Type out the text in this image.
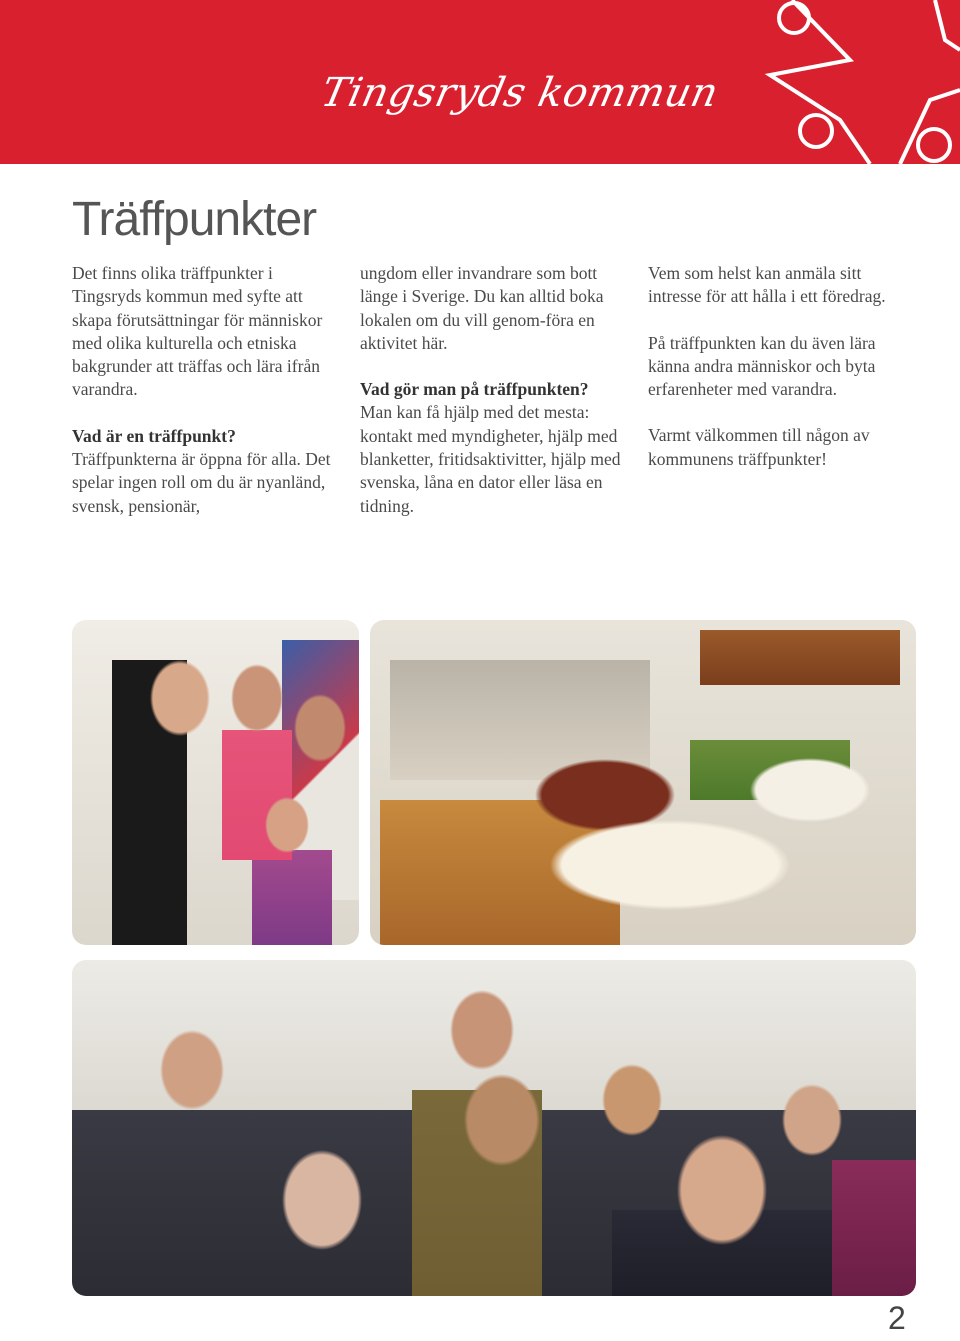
Tingsryds kommun
Träffpunkter

Det finns olika träffpunkter i Tingsryds kommun med syfte att skapa förutsättningar för människor med olika kulturella och etniska bakgrunder att träffas och lära ifrån varandra.

Vad är en träffpunkt?
Träffpunkterna är öppna för alla. Det spelar ingen roll om du är nyanländ, svensk, pensionär,

ungdom eller invandrare som bott länge i Sverige. Du kan alltid boka lokalen om du vill genom-föra en aktivitet här.

Vad gör man på träffpunkten?
Man kan få hjälp med det mesta: kontakt med myndigheter, hjälp med blanketter, fritidsaktivitter, hjälp med svenska, låna en dator eller läsa en tidning.

Vem som helst kan anmäla sitt intresse för att hålla i ett föredrag.

På träffpunkten kan du även lära känna andra människor och byta erfarenheter med varandra.

Varmt välkommen till någon av kommunens träffpunkter!

2
